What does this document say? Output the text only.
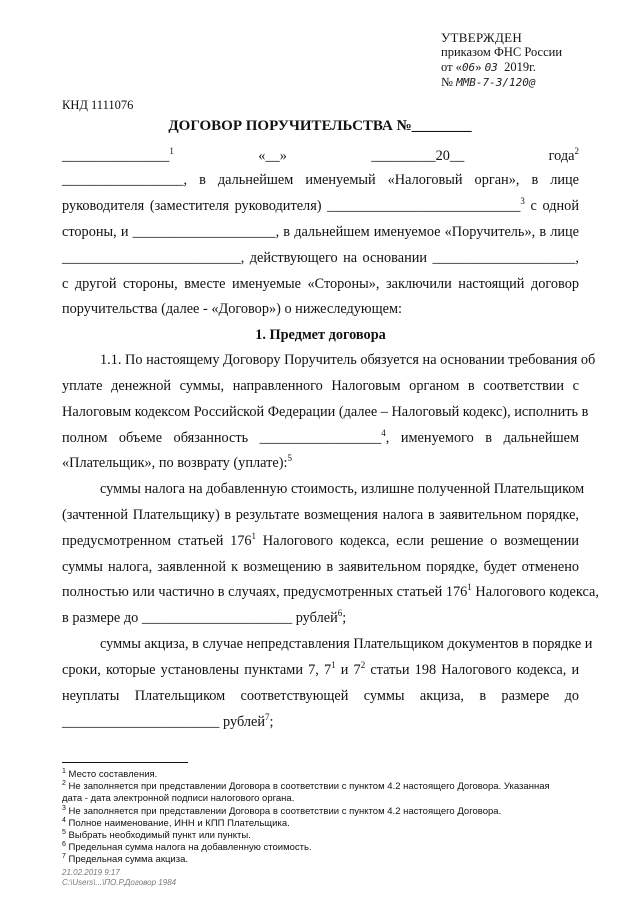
УТВЕРЖДЕН
приказом ФНС России
от «06» 03 2019г.
№ ММВ-7-3/120@
КНД 1111076
ДОГОВОР ПОРУЧИТЕЛЬСТВА №________
_______________$^1$	«__»	_________20__	года$^2$
_________________, в дальнейшем именуемый «Налоговый орган», в лице
руководителя (заместителя руководителя) ___________________________$^3$ с одной
стороны, и ____________________, в дальнейшем именуемое «Поручитель», в лице
_________________________, действующего на основании ____________________,
с другой стороны, вместе именуемые «Стороны», заключили настоящий договор
поручительства (далее - «Договор») о нижеследующем:
1. Предмет договора
1.1. По настоящему Договору Поручитель обязуется на основании требования об
уплате денежной суммы, направленного Налоговым органом в соответствии с
Налоговым кодексом Российской Федерации (далее – Налоговый кодекс), исполнить в
полном объеме обязанность _________________$^4$, именуемого в дальнейшем
«Плательщик», по возврату (уплате):$^5$
суммы налога на добавленную стоимость, излишне полученной Плательщиком
(зачтенной Плательщику) в результате возмещения налога в заявительном порядке,
предусмотренном статьей $176^1$ Налогового кодекса, если решение о возмещении
суммы налога, заявленной к возмещению в заявительном порядке, будет отменено
полностью или частично в случаях, предусмотренных статьей $176^1$ Налогового кодекса,
в размере до _____________________ рублей$^6$;
суммы акциза, в случае непредставления Плательщиком документов в порядке и
сроки, которые установлены пунктами 7, $7^1$ и $7^2$ статьи 198 Налогового кодекса, и
неуплаты Плательщиком соответствующей суммы акциза, в размере до
______________________ рублей$^7$;
$^1$ Место составления.
$^2$ Не заполняется при представлении Договора в соответствии с пунктом 4.2 настоящего Договора. Указанная
дата - дата электронной подписи налогового органа.
$^3$ Не заполняется при представлении Договора в соответствии с пунктом 4.2 настоящего Договора.
$^4$ Полное наименование, ИНН и КПП Плательщика.
$^5$ Выбрать необходимый пункт или пункты.
$^6$ Предельная сумма налога на добавленную стоимость.
$^7$ Предельная сумма акциза.
21.02.2019 9:17
С:\Users\...\ПО.Р.Договор 1984
